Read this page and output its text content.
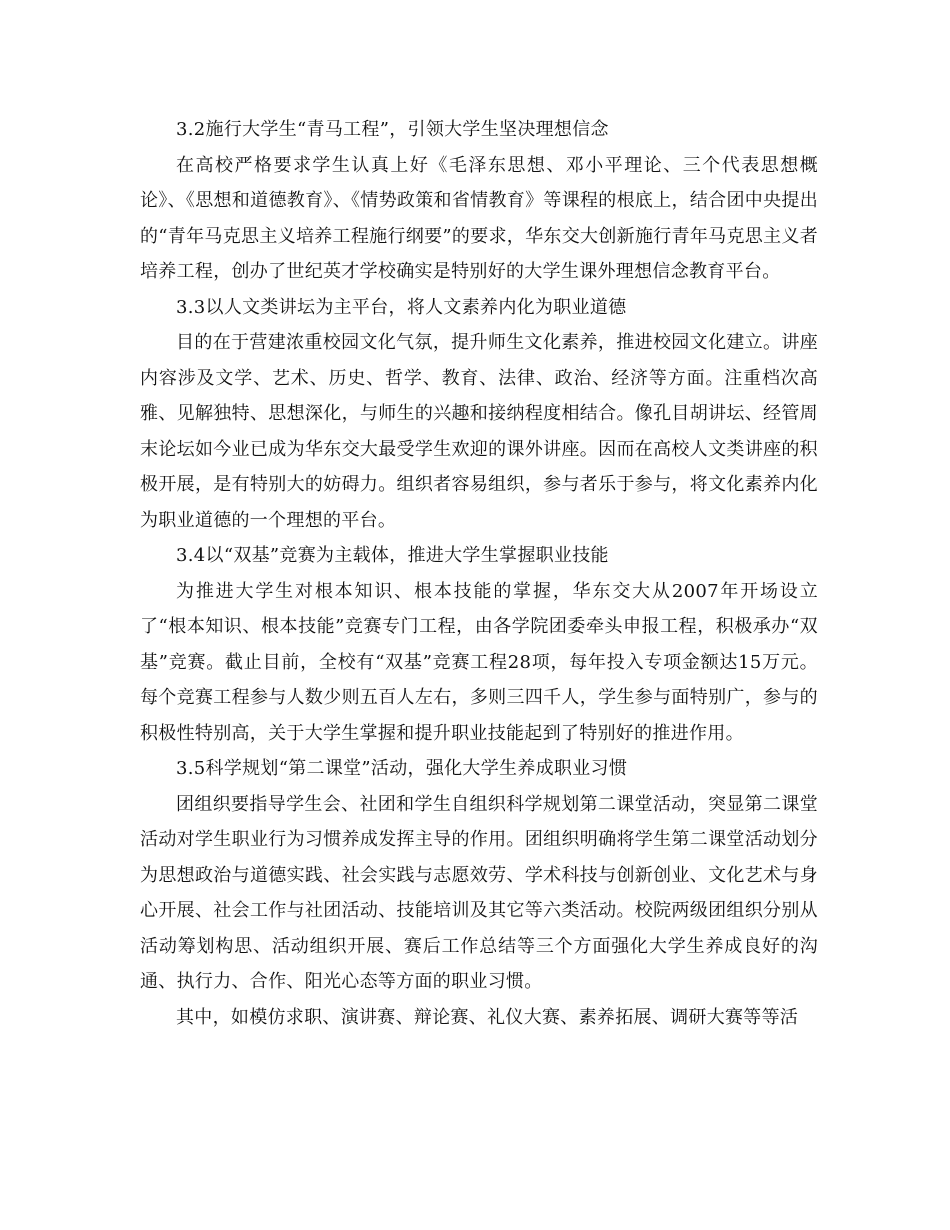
3.2施行大学生“青马工程”，引领大学生坚决理想信念

在高校严格要求学生认真上好《毛泽东思想、邓小平理论、三个代表思想概论》、《思想和道德教育》、《情势政策和省情教育》等课程的根底上，结合团中央提出的“青年马克思主义培养工程施行纲要”的要求，华东交大创新施行青年马克思主义者培养工程，创办了世纪英才学校确实是特别好的大学生课外理想信念教育平台。

3.3以人文类讲坛为主平台，将人文素养内化为职业道德

目的在于营建浓重校园文化气氛，提升师生文化素养，推进校园文化建立。讲座内容涉及文学、艺术、历史、哲学、教育、法律、政治、经济等方面。注重档次高雅、见解独特、思想深化，与师生的兴趣和接纳程度相结合。像孔目胡讲坛、经管周末论坛如今业已成为华东交大最受学生欢迎的课外讲座。因而在高校人文类讲座的积极开展，是有特别大的妨碍力。组织者容易组织，参与者乐于参与，将文化素养内化为职业道德的一个理想的平台。

3.4以“双基”竞赛为主载体，推进大学生掌握职业技能

为推进大学生对根本知识、根本技能的掌握，华东交大从2007年开场设立了“根本知识、根本技能”竞赛专门工程，由各学院团委牵头申报工程，积极承办“双基”竞赛。截止目前，全校有“双基”竞赛工程28项，每年投入专项金额达15万元。每个竞赛工程参与人数少则五百人左右，多则三四千人，学生参与面特别广，参与的积极性特别高，关于大学生掌握和提升职业技能起到了特别好的推进作用。

3.5科学规划“第二课堂”活动，强化大学生养成职业习惯

团组织要指导学生会、社团和学生自组织科学规划第二课堂活动，突显第二课堂活动对学生职业行为习惯养成发挥主导的作用。团组织明确将学生第二课堂活动划分为思想政治与道德实践、社会实践与志愿效劳、学术科技与创新创业、文化艺术与身心开展、社会工作与社团活动、技能培训及其它等六类活动。校院两级团组织分别从活动筹划构思、活动组织开展、赛后工作总结等三个方面强化大学生养成良好的沟通、执行力、合作、阳光心态等方面的职业习惯。

其中，如模仿求职、演讲赛、辩论赛、礼仪大赛、素养拓展、调研大赛等等活
